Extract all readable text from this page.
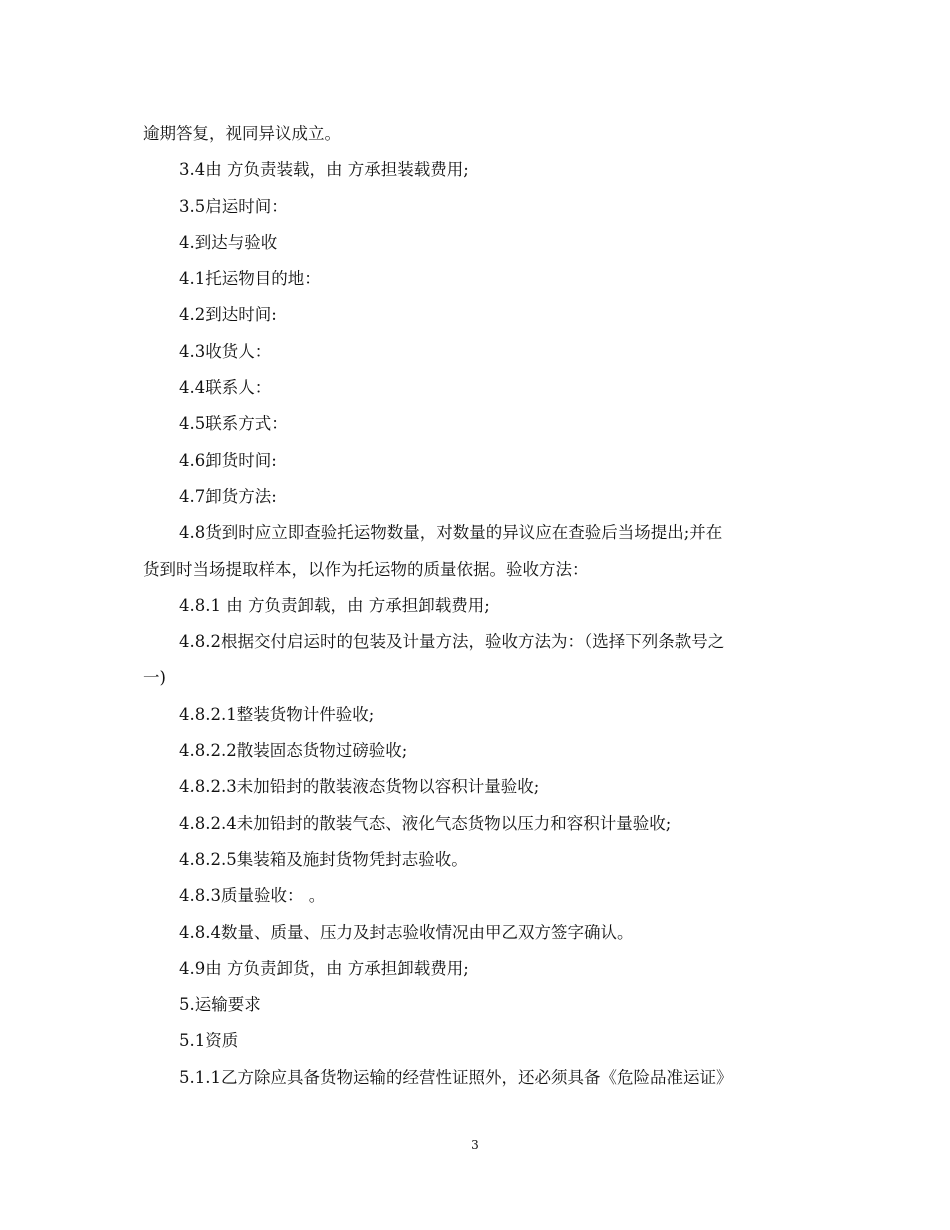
逾期答复，视同异议成立。
3.4由 方负责装载，由 方承担装载费用;
3.5启运时间：
4.到达与验收
4.1托运物目的地：
4.2到达时间:
4.3收货人：
4.4联系人：
4.5联系方式：
4.6卸货时间:
4.7卸货方法:
4.8货到时应立即查验托运物数量，对数量的异议应在查验后当场提出;并在
货到时当场提取样本，以作为托运物的质量依据。验收方法：
4.8.1 由 方负责卸载，由 方承担卸载费用;
4.8.2根据交付启运时的包装及计量方法，验收方法为：（选择下列条款号之
一)
4.8.2.1整装货物计件验收;
4.8.2.2散装固态货物过磅验收;
4.8.2.3未加铅封的散装液态货物以容积计量验收;
4.8.2.4未加铅封的散装气态、液化气态货物以压力和容积计量验收;
4.8.2.5集装箱及施封货物凭封志验收。
4.8.3质量验收： 。
4.8.4数量、质量、压力及封志验收情况由甲乙双方签字确认。
4.9由 方负责卸货，由 方承担卸载费用;
5.运输要求
5.1资质
5.1.1乙方除应具备货物运输的经营性证照外，还必须具备《危险品准运证》
3
